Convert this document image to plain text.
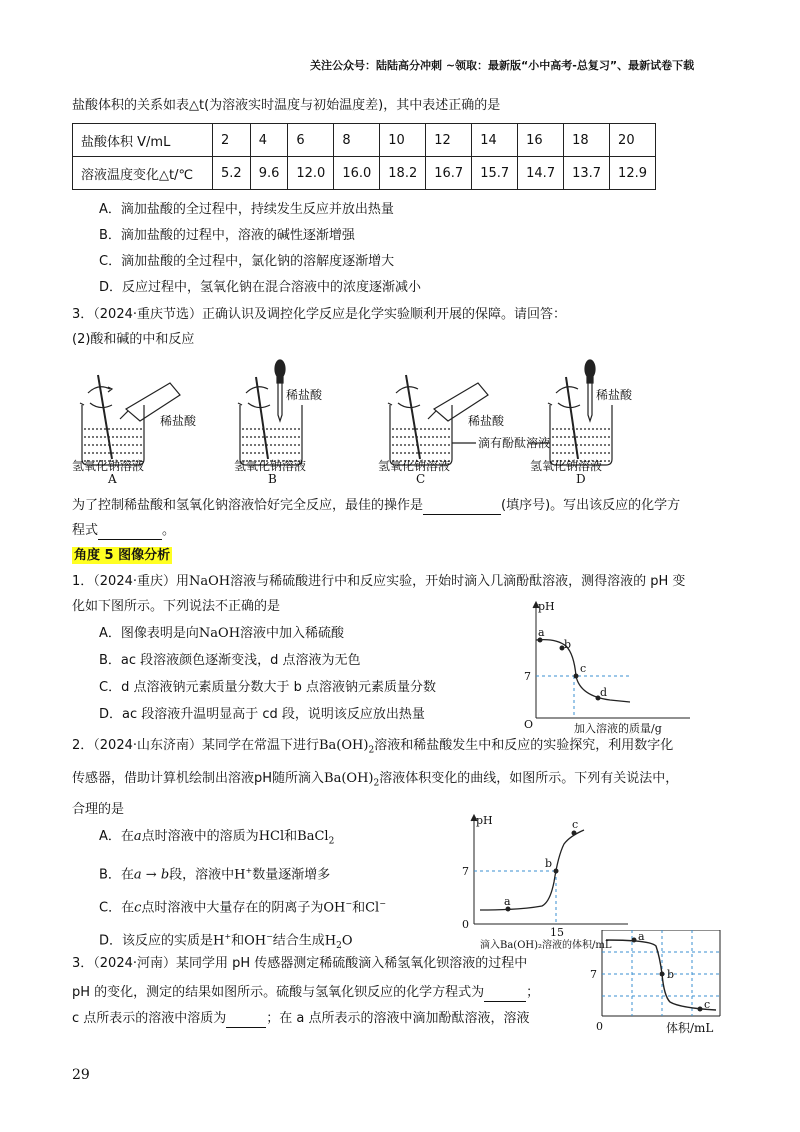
关注公众号：陆陆高分冲刺 ~领取：最新版“小中高考-总复习”、最新试卷下载
盐酸体积的关系如表△t(为溶液实时温度与初始温度差)，其中表述正确的是
盐酸体积 V/mL	2	4	6	8	10	12	14	16	18	20
溶液温度变化△t/℃	5.2	9.6	12.0	16.0	18.2	16.7	15.7	14.7	13.7	12.9
A．滴加盐酸的全过程中，持续发生反应并放出热量
B．滴加盐酸的过程中，溶液的碱性逐渐增强
C．滴加盐酸的全过程中，氯化钠的溶解度逐渐增大
D．反应过程中，氢氧化钠在混合溶液中的浓度逐渐减小
3．（2024·重庆节选）正确认识及调控化学反应是化学实验顺利开展的保障。请回答：
(2)酸和碱的中和反应
稀盐酸
稀盐酸
稀盐酸
稀盐酸
滴有酚酞溶液
氢氧化钠溶液	氢氧化钠溶液	氢氧化钠溶液	氢氧化钠溶液
A	B	C	D
为了控制稀盐酸和氢氧化钠溶液恰好完全反应，最佳的操作是	(填序号)。写出该反应的化学方
程式	。
角度 5 图像分析
1．（2024·重庆）用NaOH溶液与稀硫酸进行中和反应实验，开始时滴入几滴酚酞溶液，测得溶液的 pH 变
化如下图所示。下列说法不正确的是
A．图像表明是向NaOH溶液中加入稀硫酸
B．ac 段溶液颜色逐渐变浅，d 点溶液为无色
C．d 点溶液钠元素质量分数大于 b 点溶液钠元素质量分数
D．ac 段溶液升温明显高于 cd 段，说明该反应放出热量
pH
7
O
a
b
c
d
加入溶液的质量/g
2．（2024·山东济南）某同学在常温下进行$Ba(OH)_2$溶液和稀盐酸发生中和反应的实验探究，利用数字化
传感器，借助计算机绘制出溶液pH随所滴入$Ba(OH)_2$溶液体积变化的曲线，如图所示。下列有关说法中，
合理的是
A．在a点时溶液中的溶质为HCl和BaCl$_2$
B．在a → b段，溶液中H+数量逐渐增多
C．在c点时溶液中大量存在的阴离子为OH−和Cl−
D．该反应的实质是H+和OH−结合生成$H_2O$
pH
7
0
15
a
b
c
滴入Ba(OH)₂溶液的体积/mL
3．（2024·河南）某同学用 pH 传感器测定稀硫酸滴入稀氢氧化钡溶液的过程中
pH 的变化，测定的结果如图所示。硫酸与氢氧化钡反应的化学方程式为	；
c 点所表示的溶液中溶质为	；在 a 点所表示的溶液中滴加酚酞溶液，溶液
a
b
c
7
0	体积/mL
29
